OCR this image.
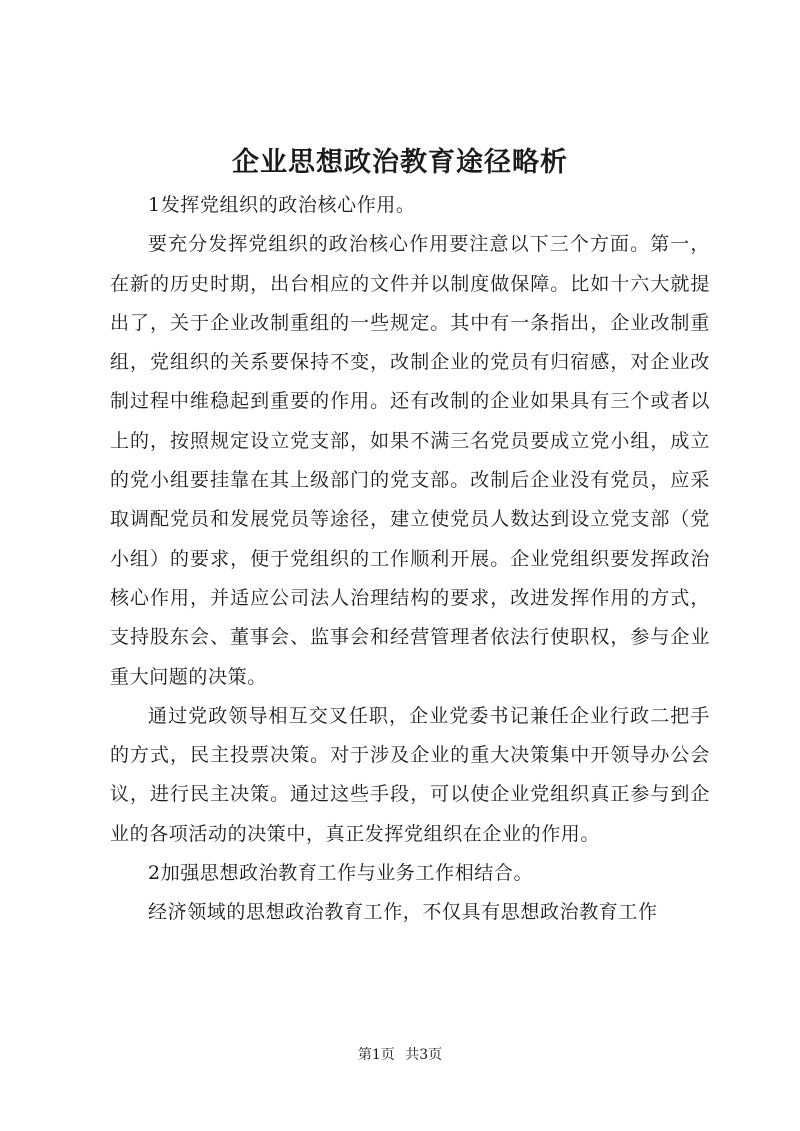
企业思想政治教育途径略析

1发挥党组织的政治核心作用。

要充分发挥党组织的政治核心作用要注意以下三个方面。第一，在新的历史时期，出台相应的文件并以制度做保障。比如十六大就提出了，关于企业改制重组的一些规定。其中有一条指出，企业改制重组，党组织的关系要保持不变，改制企业的党员有归宿感，对企业改制过程中维稳起到重要的作用。还有改制的企业如果具有三个或者以上的，按照规定设立党支部，如果不满三名党员要成立党小组，成立的党小组要挂靠在其上级部门的党支部。改制后企业没有党员，应采取调配党员和发展党员等途径，建立使党员人数达到设立党支部（党小组）的要求，便于党组织的工作顺利开展。企业党组织要发挥政治核心作用，并适应公司法人治理结构的要求，改进发挥作用的方式，支持股东会、董事会、监事会和经营管理者依法行使职权，参与企业重大问题的决策。

通过党政领导相互交叉任职，企业党委书记兼任企业行政二把手的方式，民主投票决策。对于涉及企业的重大决策集中开领导办公会议，进行民主决策。通过这些手段，可以使企业党组织真正参与到企业的各项活动的决策中，真正发挥党组织在企业的作用。

2加强思想政治教育工作与业务工作相结合。

经济领域的思想政治教育工作，不仅具有思想政治教育工作

第1页 共3页
